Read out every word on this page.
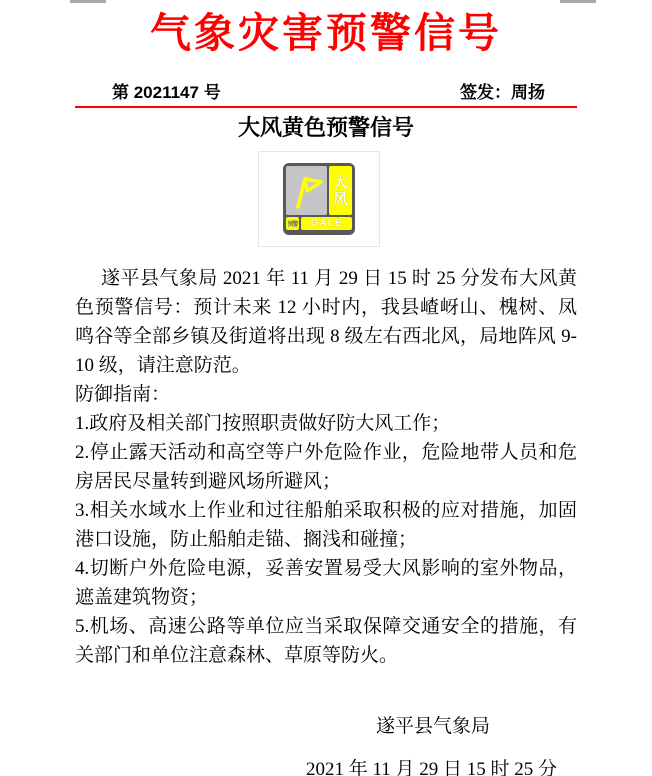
气象灾害预警信号
第 2021147 号	签发：周扬
大风黄色预警信号
大
风
预警	GALE
遂平县气象局 2021 年 11 月 29 日 15 时 25 分发布大风黄色预警信号：预计未来 12 小时内，我县嵖岈山、槐树、凤鸣谷等全部乡镇及街道将出现 8 级左右西北风，局地阵风 9-10 级，请注意防范。
防御指南：
1.政府及相关部门按照职责做好防大风工作；
2.停止露天活动和高空等户外危险作业，危险地带人员和危房居民尽量转到避风场所避风；
3.相关水域水上作业和过往船舶采取积极的应对措施，加固港口设施，防止船舶走锚、搁浅和碰撞；
4.切断户外危险电源，妥善安置易受大风影响的室外物品，遮盖建筑物资；
5.机场、高速公路等单位应当采取保障交通安全的措施，有关部门和单位注意森林、草原等防火。
遂平县气象局
2021 年 11 月 29 日 15 时 25 分
